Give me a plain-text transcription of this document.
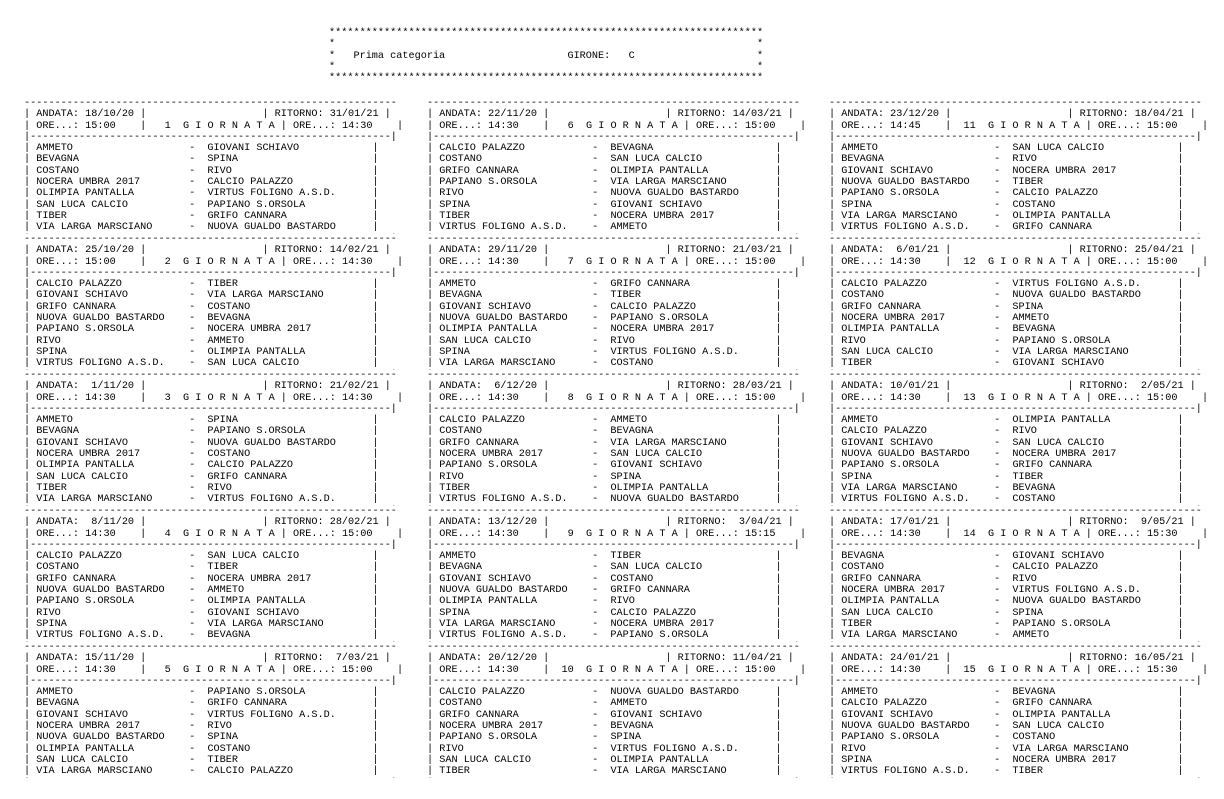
***********************************************************************
*                                                                     *
*   Prima categoria	GIRONE: C                    *
*                                                                     *
***********************************************************************
-------------------------------------------------------------
| ANDATA: 18/10/20 |                   | RITORNO: 31/01/21 |
| ORE...: 15:00    |   1  G I O R N A T A | ORE...: 14:30    |
|-----------------------------------------------------------|
| AMMETO                   -  GIOVANI SCHIAVO            |
| BEVAGNA                  -  SPINA                      |
| COSTANO                  -  RIVO                       |
| NOCERA UMBRA 2017        -  CALCIO PALAZZO             |
| OLIMPIA PANTALLA         -  VIRTUS FOLIGNO A.S.D.      |
| SAN LUCA CALCIO          -  PAPIANO S.ORSOLA           |
| TIBER                    -  GRIFO CANNARA              |
| VIA LARGA MARSCIANO      -  NUOVA GUALDO BASTARDO      |
-------------------------------------------------------------
| ANDATA: 25/10/20 |                   | RITORNO: 14/02/21 |
| ORE...: 15:00    |   2  G I O R N A T A | ORE...: 14:30    |
|-----------------------------------------------------------|
| CALCIO PALAZZO           -  TIBER                      |
| GIOVANI SCHIAVO          -  VIA LARGA MARSCIANO        |
| GRIFO CANNARA            -  COSTANO                    |
| NUOVA GUALDO BASTARDO    -  BEVAGNA                    |
| PAPIANO S.ORSOLA         -  NOCERA UMBRA 2017          |
| RIVO                     -  AMMETO                     |
| SPINA                    -  OLIMPIA PANTALLA           |
| VIRTUS FOLIGNO A.S.D.    -  SAN LUCA CALCIO            |
-------------------------------------------------------------
| ANDATA:  1/11/20 |                   | RITORNO: 21/02/21 |
| ORE...: 14:30    |   3  G I O R N A T A | ORE...: 14:30    |
|-----------------------------------------------------------|
| AMMETO                   -  SPINA                      |
| BEVAGNA                  -  PAPIANO S.ORSOLA           |
| GIOVANI SCHIAVO          -  NUOVA GUALDO BASTARDO      |
| NOCERA UMBRA 2017        -  COSTANO                    |
| OLIMPIA PANTALLA         -  CALCIO PALAZZO             |
| SAN LUCA CALCIO          -  GRIFO CANNARA              |
| TIBER                    -  RIVO                       |
| VIA LARGA MARSCIANO      -  VIRTUS FOLIGNO A.S.D.      |
-------------------------------------------------------------
| ANDATA:  8/11/20 |                   | RITORNO: 28/02/21 |
| ORE...: 14:30    |   4  G I O R N A T A | ORE...: 15:00    |
|-----------------------------------------------------------|
| CALCIO PALAZZO           -  SAN LUCA CALCIO            |
| COSTANO                  -  TIBER                      |
| GRIFO CANNARA            -  NOCERA UMBRA 2017          |
| NUOVA GUALDO BASTARDO    -  AMMETO                     |
| PAPIANO S.ORSOLA         -  OLIMPIA PANTALLA           |
| RIVO                     -  GIOVANI SCHIAVO            |
| SPINA                    -  VIA LARGA MARSCIANO        |
| VIRTUS FOLIGNO A.S.D.    -  BEVAGNA                    |
-------------------------------------------------------------
| ANDATA: 15/11/20 |                   | RITORNO:  7/03/21 |
| ORE...: 14:30    |   5  G I O R N A T A | ORE...: 15:00    |
|-----------------------------------------------------------|
| AMMETO                   -  PAPIANO S.ORSOLA           |
| BEVAGNA                  -  GRIFO CANNARA              |
| GIOVANI SCHIAVO          -  VIRTUS FOLIGNO A.S.D.      |
| NOCERA UMBRA 2017        -  RIVO                       |
| NUOVA GUALDO BASTARDO    -  SPINA                      |
| OLIMPIA PANTALLA         -  COSTANO                    |
| SAN LUCA CALCIO          -  TIBER                      |
| VIA LARGA MARSCIANO      -  CALCIO PALAZZO             |
-------------------------------------------------------------
| ANDATA: 22/11/20 |                   | RITORNO: 14/03/21 |
| ORE...: 14:30    |   6  G I O R N A T A | ORE...: 15:00    |
|-----------------------------------------------------------|
| CALCIO PALAZZO           -  BEVAGNA                    |
| COSTANO                  -  SAN LUCA CALCIO            |
| GRIFO CANNARA            -  OLIMPIA PANTALLA           |
| PAPIANO S.ORSOLA         -  VIA LARGA MARSCIANO        |
| RIVO                     -  NUOVA GUALDO BASTARDO      |
| SPINA                    -  GIOVANI SCHIAVO            |
| TIBER                    -  NOCERA UMBRA 2017          |
| VIRTUS FOLIGNO A.S.D.    -  AMMETO                     |
-------------------------------------------------------------
| ANDATA: 29/11/20 |                   | RITORNO: 21/03/21 |
| ORE...: 14:30    |   7  G I O R N A T A | ORE...: 15:00    |
|-----------------------------------------------------------|
| AMMETO                   -  GRIFO CANNARA              |
| BEVAGNA                  -  TIBER                      |
| GIOVANI SCHIAVO          -  CALCIO PALAZZO             |
| NUOVA GUALDO BASTARDO    -  PAPIANO S.ORSOLA           |
| OLIMPIA PANTALLA         -  NOCERA UMBRA 2017          |
| SAN LUCA CALCIO          -  RIVO                       |
| SPINA                    -  VIRTUS FOLIGNO A.S.D.      |
| VIA LARGA MARSCIANO      -  COSTANO                    |
-------------------------------------------------------------
| ANDATA:  6/12/20 |                   | RITORNO: 28/03/21 |
| ORE...: 14:30    |   8  G I O R N A T A | ORE...: 15:00    |
|-----------------------------------------------------------|
| CALCIO PALAZZO           -  AMMETO                     |
| COSTANO                  -  BEVAGNA                    |
| GRIFO CANNARA            -  VIA LARGA MARSCIANO        |
| NOCERA UMBRA 2017        -  SAN LUCA CALCIO            |
| PAPIANO S.ORSOLA         -  GIOVANI SCHIAVO            |
| RIVO                     -  SPINA                      |
| TIBER                    -  OLIMPIA PANTALLA           |
| VIRTUS FOLIGNO A.S.D.    -  NUOVA GUALDO BASTARDO      |
-------------------------------------------------------------
| ANDATA: 13/12/20 |                   | RITORNO:  3/04/21 |
| ORE...: 14:30    |   9  G I O R N A T A | ORE...: 15:15    |
|-----------------------------------------------------------|
| AMMETO                   -  TIBER                      |
| BEVAGNA                  -  SAN LUCA CALCIO            |
| GIOVANI SCHIAVO          -  COSTANO                    |
| NUOVA GUALDO BASTARDO    -  GRIFO CANNARA              |
| OLIMPIA PANTALLA         -  RIVO                       |
| SPINA                    -  CALCIO PALAZZO             |
| VIA LARGA MARSCIANO      -  NOCERA UMBRA 2017          |
| VIRTUS FOLIGNO A.S.D.    -  PAPIANO S.ORSOLA           |
-------------------------------------------------------------
| ANDATA: 20/12/20 |                   | RITORNO: 11/04/21 |
| ORE...: 14:30    |  10  G I O R N A T A | ORE...: 15:00    |
|-----------------------------------------------------------|
| CALCIO PALAZZO           -  NUOVA GUALDO BASTARDO      |
| COSTANO                  -  AMMETO                     |
| GRIFO CANNARA            -  GIOVANI SCHIAVO            |
| NOCERA UMBRA 2017        -  BEVAGNA                    |
| PAPIANO S.ORSOLA         -  SPINA                      |
| RIVO                     -  VIRTUS FOLIGNO A.S.D.      |
| SAN LUCA CALCIO          -  OLIMPIA PANTALLA           |
| TIBER                    -  VIA LARGA MARSCIANO        |
-------------------------------------------------------------
| ANDATA: 23/12/20 |                   | RITORNO: 18/04/21 |
| ORE...: 14:45    |  11  G I O R N A T A | ORE...: 15:00    |
|-----------------------------------------------------------|
| AMMETO                   -  SAN LUCA CALCIO            |
| BEVAGNA                  -  RIVO                       |
| GIOVANI SCHIAVO          -  NOCERA UMBRA 2017          |
| NUOVA GUALDO BASTARDO    -  TIBER                      |
| PAPIANO S.ORSOLA         -  CALCIO PALAZZO             |
| SPINA                    -  COSTANO                    |
| VIA LARGA MARSCIANO      -  OLIMPIA PANTALLA           |
| VIRTUS FOLIGNO A.S.D.    -  GRIFO CANNARA              |
-------------------------------------------------------------
| ANDATA:  6/01/21 |                   | RITORNO: 25/04/21 |
| ORE...: 14:30    |  12  G I O R N A T A | ORE...: 15:00    |
|-----------------------------------------------------------|
| CALCIO PALAZZO           -  VIRTUS FOLIGNO A.S.D.      |
| COSTANO                  -  NUOVA GUALDO BASTARDO      |
| GRIFO CANNARA            -  SPINA                      |
| NOCERA UMBRA 2017        -  AMMETO                     |
| OLIMPIA PANTALLA         -  BEVAGNA                    |
| RIVO                     -  PAPIANO S.ORSOLA           |
| SAN LUCA CALCIO          -  VIA LARGA MARSCIANO        |
| TIBER                    -  GIOVANI SCHIAVO            |
-------------------------------------------------------------
| ANDATA: 10/01/21 |                   | RITORNO:  2/05/21 |
| ORE...: 14:30    |  13  G I O R N A T A | ORE...: 15:00    |
|-----------------------------------------------------------|
| AMMETO                   -  OLIMPIA PANTALLA           |
| CALCIO PALAZZO           -  RIVO                       |
| GIOVANI SCHIAVO          -  SAN LUCA CALCIO            |
| NUOVA GUALDO BASTARDO    -  NOCERA UMBRA 2017          |
| PAPIANO S.ORSOLA         -  GRIFO CANNARA              |
| SPINA                    -  TIBER                      |
| VIA LARGA MARSCIANO      -  BEVAGNA                    |
| VIRTUS FOLIGNO A.S.D.    -  COSTANO                    |
-------------------------------------------------------------
| ANDATA: 17/01/21 |                   | RITORNO:  9/05/21 |
| ORE...: 14:30    |  14  G I O R N A T A | ORE...: 15:30    |
|-----------------------------------------------------------|
| BEVAGNA                  -  GIOVANI SCHIAVO            |
| COSTANO                  -  CALCIO PALAZZO             |
| GRIFO CANNARA            -  RIVO                       |
| NOCERA UMBRA 2017        -  VIRTUS FOLIGNO A.S.D.      |
| OLIMPIA PANTALLA         -  NUOVA GUALDO BASTARDO      |
| SAN LUCA CALCIO          -  SPINA                      |
| TIBER                    -  PAPIANO S.ORSOLA           |
| VIA LARGA MARSCIANO      -  AMMETO                     |
-------------------------------------------------------------
| ANDATA: 24/01/21 |                   | RITORNO: 16/05/21 |
| ORE...: 14:30    |  15  G I O R N A T A | ORE...: 15:30    |
|-----------------------------------------------------------|
| AMMETO                   -  BEVAGNA                    |
| CALCIO PALAZZO           -  GRIFO CANNARA              |
| GIOVANI SCHIAVO          -  OLIMPIA PANTALLA           |
| NUOVA GUALDO BASTARDO    -  SAN LUCA CALCIO            |
| PAPIANO S.ORSOLA         -  COSTANO                    |
| RIVO                     -  VIA LARGA MARSCIANO        |
| SPINA                    -  NOCERA UMBRA 2017          |
| VIRTUS FOLIGNO A.S.D.    -  TIBER                      |
